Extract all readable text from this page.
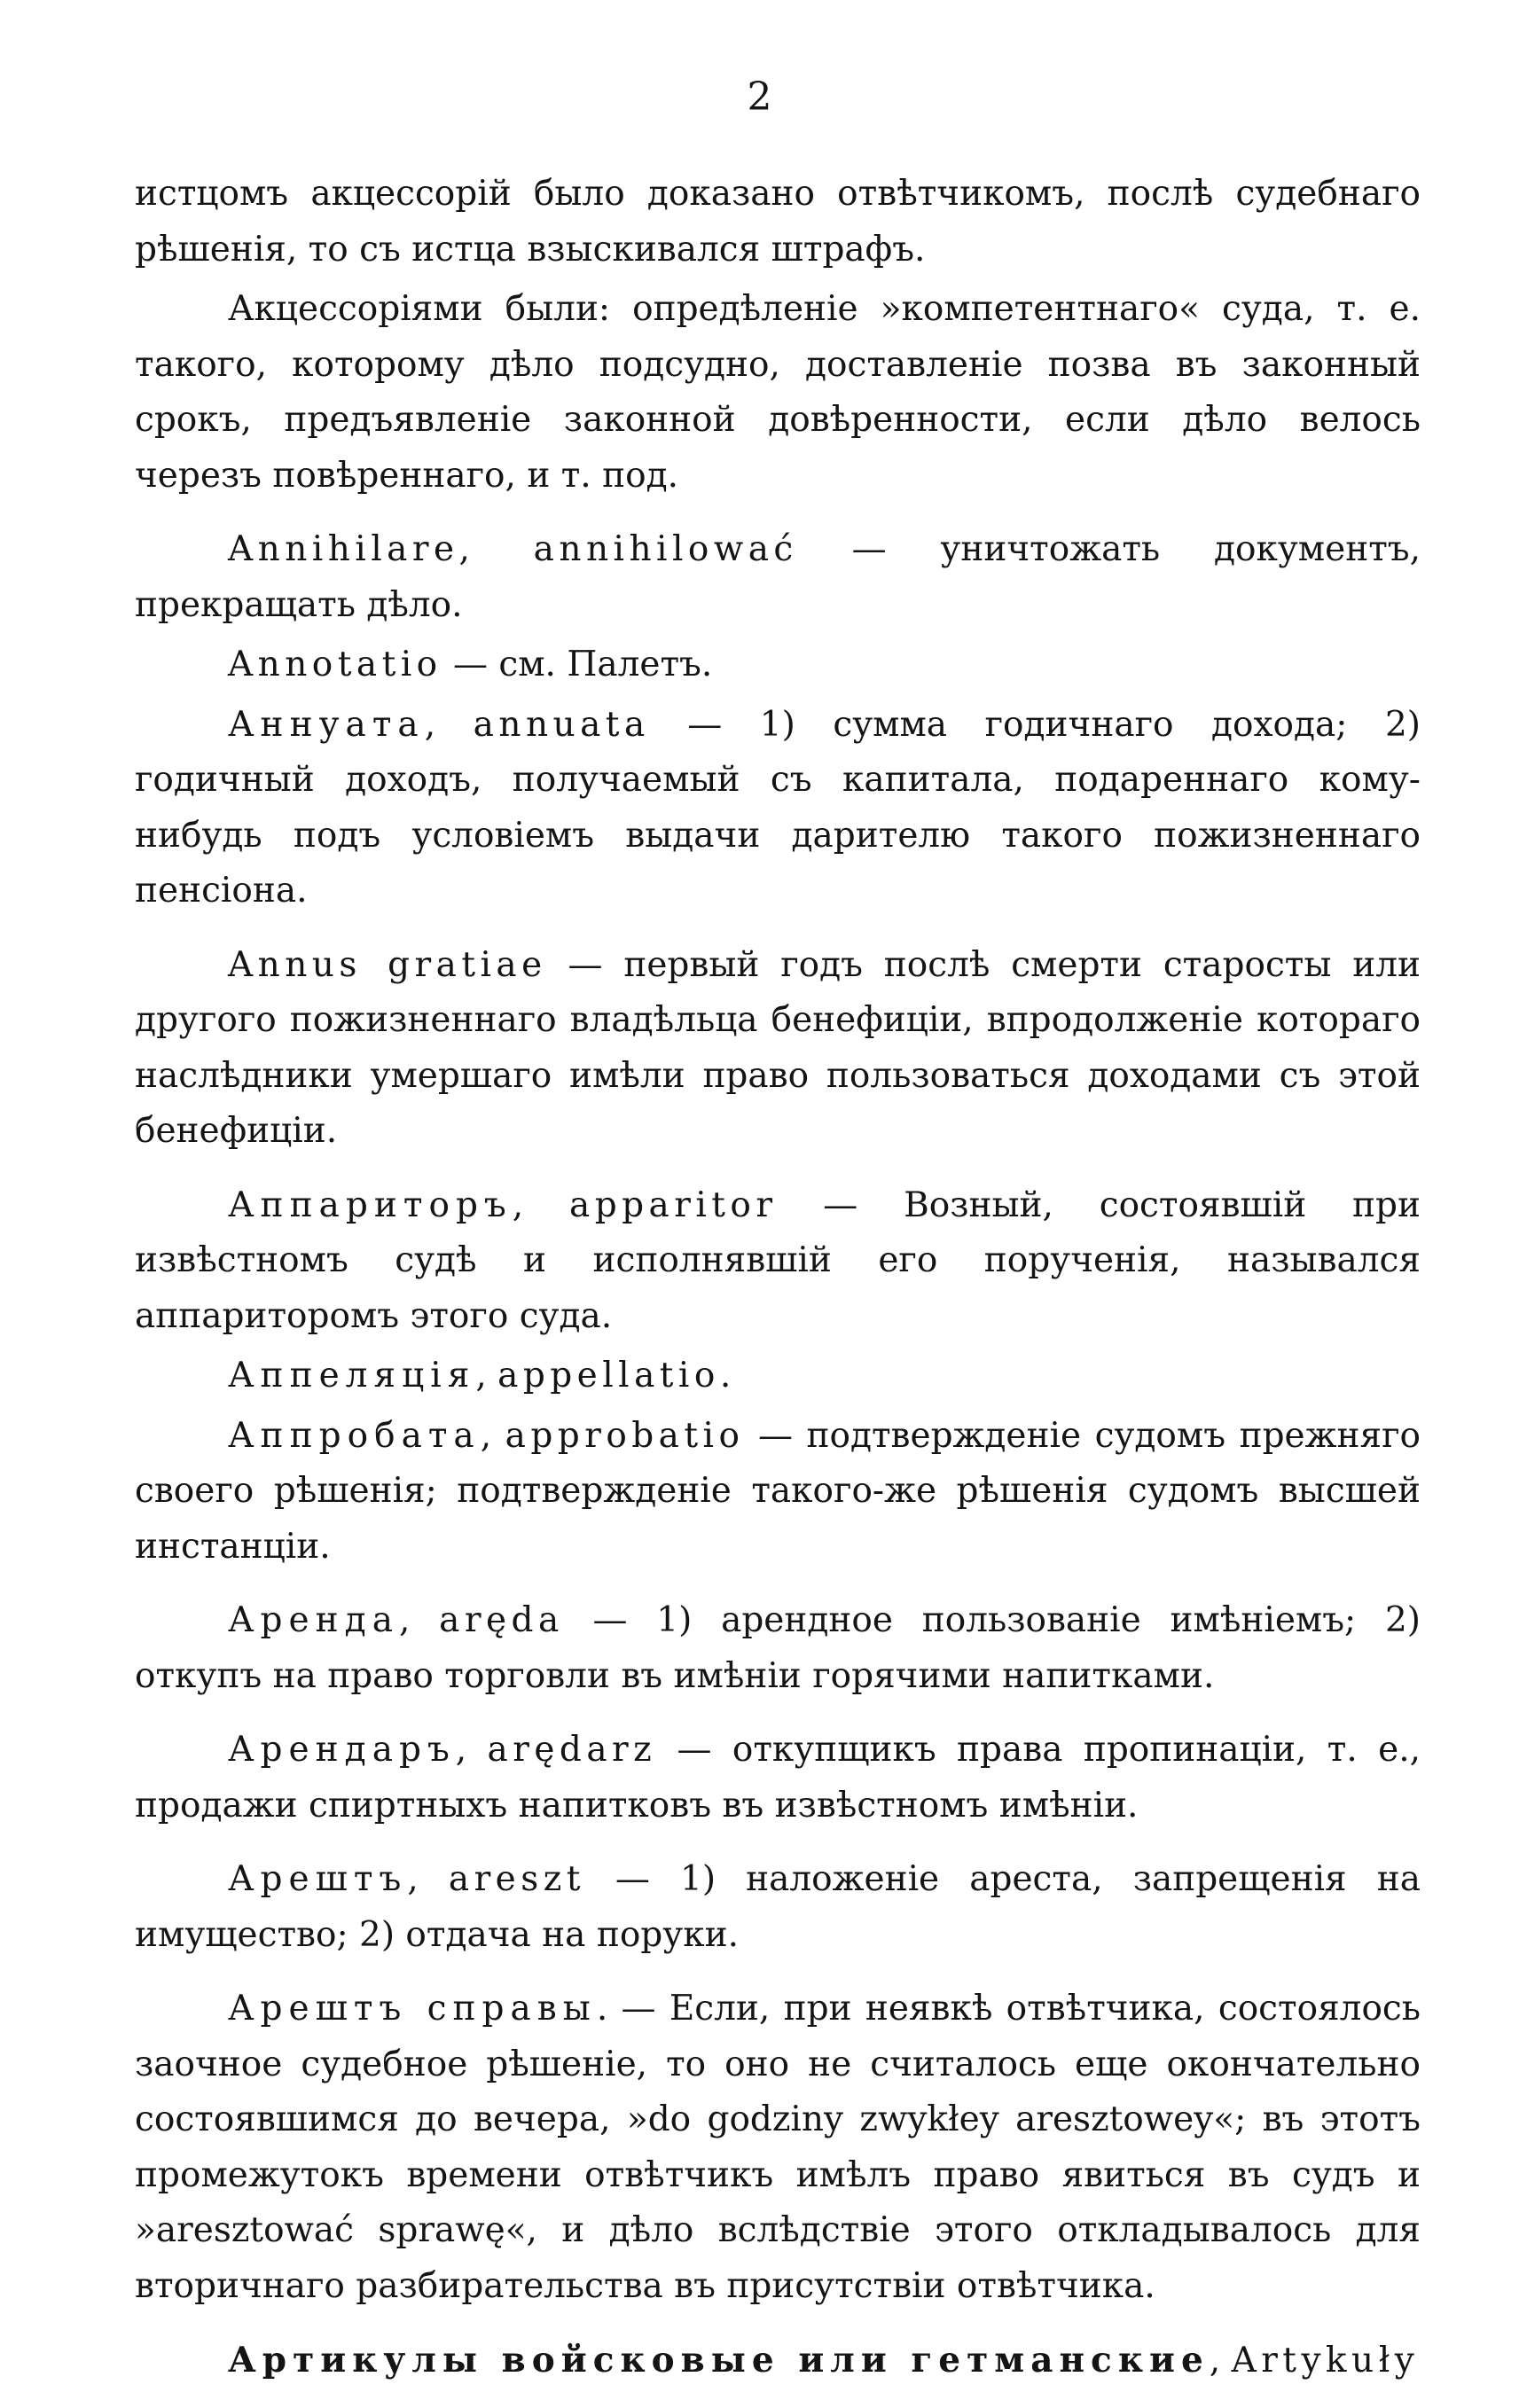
2

истцомъ акцессорій было доказано отвѣтчикомъ, послѣ судебнаго рѣшенія, то съ истца взыскивался штрафъ.

Акцессоріями были: опредѣленіе »компетентнаго« суда, т. е. такого, которому дѣло подсудно, доставленіе позва въ законный срокъ, предъявленіе законной довѣренности, если дѣло велось черезъ повѣреннаго, и т. под.

Annihilare, annihilować — уничтожать документъ, прекращать дѣло.

Annotatio — см. Палетъ.

Аннуата, annuata — 1) сумма годичнаго дохода; 2) годичный доходъ, получаемый съ капитала, подареннаго кому-нибудь подъ условіемъ выдачи дарителю такого пожизненнаго пенсіона.

Annus gratiae — первый годъ послѣ смерти старосты или другого пожизненнаго владѣльца бенефиціи, впродолженіе котораго наслѣдники умершаго имѣли право пользоваться доходами съ этой бенефиціи.

Аппариторъ, apparitor — Возный, состоявшій при извѣстномъ судѣ и исполнявшій его порученія, назывался аппариторомъ этого суда.

Аппеляція, appellatio.

Аппробата, approbatio — подтвержденіе судомъ прежняго своего рѣшенія; подтвержденіе такого-же рѣшенія судомъ высшей инстанціи.

Аренда, aręda — 1) арендное пользованіе имѣніемъ; 2) откупъ на право торговли въ имѣніи горячими напитками.

Арендаръ, arędarz — откупщикъ права пропинаціи, т. е., продажи спиртныхъ напитковъ въ извѣстномъ имѣніи.

Арештъ, areszt — 1) наложеніе ареста, запрещенія на имущество; 2) отдача на поруки.

Арештъ справы. — Если, при неявкѣ отвѣтчика, состоялось заочное судебное рѣшеніе, то оно не считалось еще окончательно состоявшимся до вечера, »do godziny zwykłey aresztowey«; въ этотъ промежутокъ времени отвѣтчикъ имѣлъ право явиться въ судъ и »aresztować sprawę«, и дѣло вслѣдствіе этого откладывалось для вторичнаго разбирательства въ присутствіи отвѣтчика.

Артикулы войсковые или гетманские, Artykuły
